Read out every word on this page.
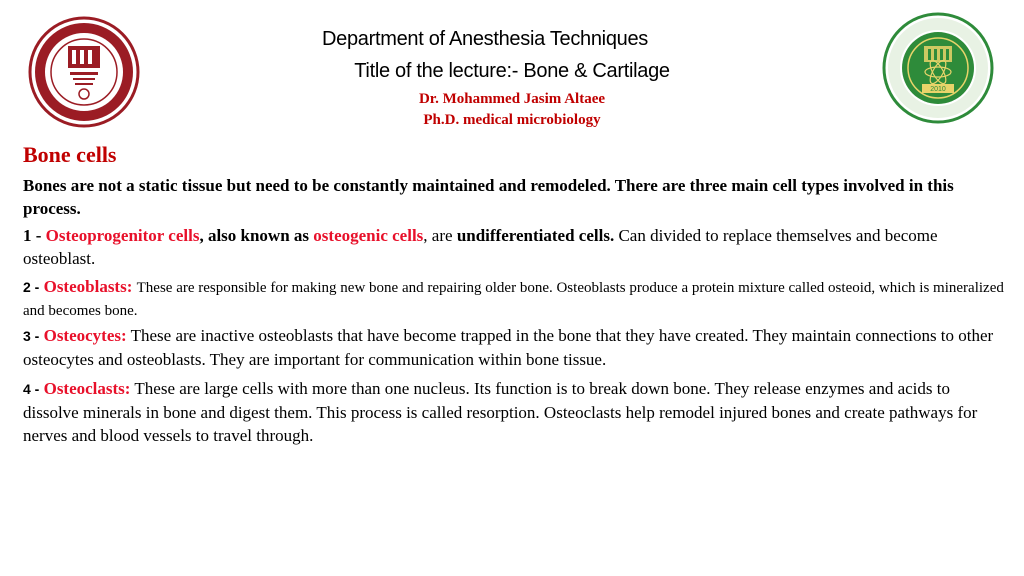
2010
Department of Anesthesia Techniques
Title of the lecture:- Bone & Cartilage
Dr. Mohammed Jasim Altaee
Ph.D. medical microbiology
Bone cells

Bones are not a static tissue but need to be constantly maintained and remodeled. There are three main cell types involved in this process.

1 - Osteoprogenitor cells, also known as osteogenic cells, are undifferentiated cells. Can divided to replace themselves and become osteoblast.

2 - Osteoblasts: These are responsible for making new bone and repairing older bone. Osteoblasts produce a protein mixture called osteoid, which is mineralized and becomes bone.

3 - Osteocytes: These are inactive osteoblasts that have become trapped in the bone that they have created. They maintain connections to other osteocytes and osteoblasts. They are important for communication within bone tissue.

4 - Osteoclasts: These are large cells with more than one nucleus. Its function is to break down bone. They release enzymes and acids to dissolve minerals in bone and digest them. This process is called resorption. Osteoclasts help remodel injured bones and create pathways for nerves and blood vessels to travel through.
